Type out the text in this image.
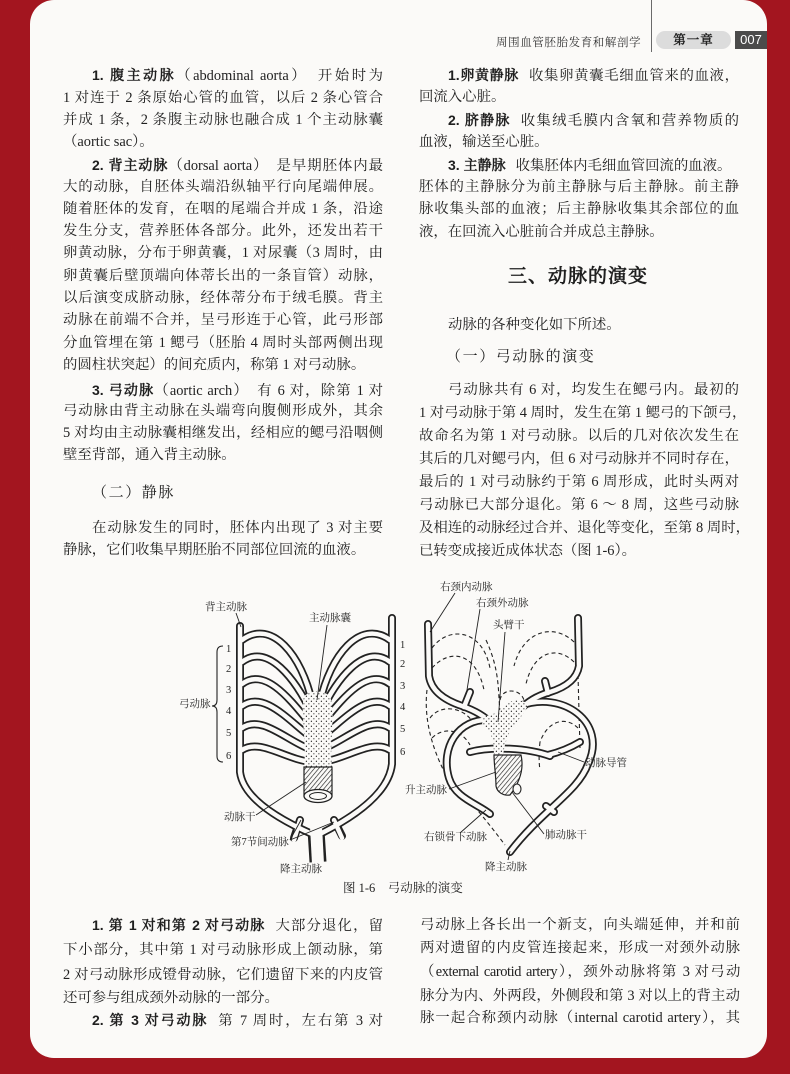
周围血管胚胎发育和解剖学	第一章	007
1. 腹主动脉（abdominal aorta）　开始时为
1 对连于 2 条原始心管的血管，以后 2 条心管合
并成 1 条，2 条腹主动脉也融合成 1 个主动脉囊
（aortic sac）。
2. 背主动脉（dorsal aorta）　是早期胚体内最
大的动脉，自胚体头端沿纵轴平行向尾端伸展。
随着胚体的发育，在咽的尾端合并成 1 条，沿途
发生分支，营养胚体各部分。此外，还发出若干
卵黄动脉，分布于卵黄囊，1 对尿囊（3 周时，由
卵黄囊后壁顶端向体蒂长出的一条盲管）动脉，
以后演变成脐动脉，经体蒂分布于绒毛膜。背主
动脉在前端不合并，呈弓形连于心管，此弓形部
分血管埋在第 1 鳃弓（胚胎 4 周时头部两侧出现
的圆柱状突起）的间充质内，称第 1 对弓动脉。
3. 弓动脉（aortic arch）　有 6 对，除第 1 对
弓动脉由背主动脉在头端弯向腹侧形成外，其余
5 对均由主动脉囊相继发出，经相应的鳃弓沿咽侧
壁至背部，通入背主动脉。
（二）静脉
在动脉发生的同时，胚体内出现了 3 对主要
静脉，它们收集早期胚胎不同部位回流的血液。
1.卵黄静脉 收集卵黄囊毛细血管来的血液，
回流入心脏。
2. 脐静脉 收集绒毛膜内含氧和营养物质的
血液，输送至心脏。
3. 主静脉 收集胚体内毛细血管回流的血液。
胚体的主静脉分为前主静脉与后主静脉。前主静
脉收集头部的血液；后主静脉收集其余部位的血
液，在回流入心脏前合并成总主静脉。
三、动脉的演变
动脉的各种变化如下所述。
（一）弓动脉的演变
弓动脉共有 6 对，均发生在鳃弓内。最初的
1 对弓动脉于第 4 周时，发生在第 1 鳃弓的下颌弓，
故命名为第 1 对弓动脉。以后的几对依次发生在
其后的几对鳃弓内，但 6 对弓动脉并不同时存在，
最后的 1 对弓动脉约于第 6 周形成，此时头两对
弓动脉已大部分退化。第 6 ～ 8 周，这些弓动脉
及相连的动脉经过合并、退化等变化，至第 8 周时，
已转变成接近成体状态（图 1-6）。
背主动脉
主动脉囊
弓动脉
动脉干
第7节间动脉
降主动脉
1
2
3
4
5
6
1
2
3
4
5
6
右颈内动脉
右颈外动脉
头臂干
动脉导管
升主动脉
右锁骨下动脉	肺动脉干
降主动脉
图 1-6　弓动脉的演变
1. 第 1 对和第 2 对弓动脉 大部分退化，留
下小部分，其中第 1 对弓动脉形成上颌动脉，第
2 对弓动脉形成镫骨动脉，它们遗留下来的内皮管
还可参与组成颈外动脉的一部分。
2. 第 3 对弓动脉 第 7 周时，左右第 3 对
弓动脉上各长出一个新支，向头端延伸，并和前
两对遗留的内皮管连接起来，形成一对颈外动脉
（external carotid artery），颈外动脉将第 3 对弓动
脉分为内、外两段，外侧段和第 3 对以上的背主动
脉一起合称颈内动脉（internal carotid artery），其
